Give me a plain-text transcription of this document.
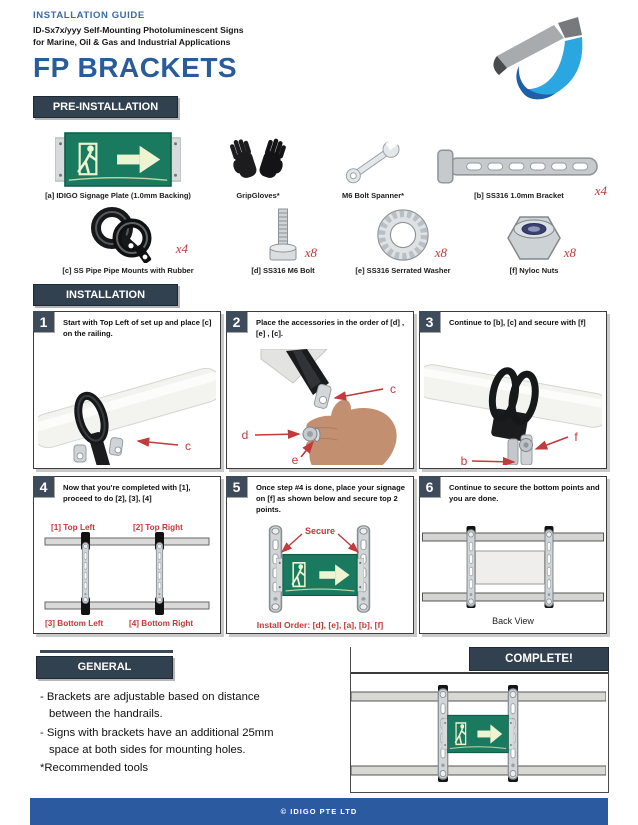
INSTALLATION GUIDE
ID-Sx7x/yyy Self-Mounting Photoluminescent Signs
for Marine, Oil & Gas and Industrial Applications
FP BRACKETS
PRE-INSTALLATION
[a] IDIGO Signage Plate (1.0mm Backing)	GripGloves*	M6 Bolt Spanner*	x4
[b] SS316 1.0mm Bracket
x4
[c] SS Pipe Pipe Mounts with Rubber
x8
[d] SS316 M6 Bolt
x8
[e] SS316 Serrated Washer
x8
[f] Nyloc Nuts
INSTALLATION
1	Start with Top Left of set up and place [c] on the railing.
c
2	Place the accessories in the order of [d] , [e] , [c].
c
d
e
3	Continue to [b], [c] and secure with [f]
f
b
4	Now that you're completed with [1], proceed to do [2], [3], [4]
[1] Top Left	[2] Top Right
[3] Bottom Left	[4] Bottom Right
5	Once step #4 is done, place your signage on [f] as shown below and secure top 2 points.
Secure
Install Order: [d], [e], [a], [b], [f]
6	Continue to secure the bottom points and you are done.
Back View
GENERAL
- Brackets are adjustable based on distance between the handrails.
- Signs with brackets have an additional 25mm space at both sides for mounting holes.
*Recommended tools
COMPLETE!
© IDIGO PTE LTD
